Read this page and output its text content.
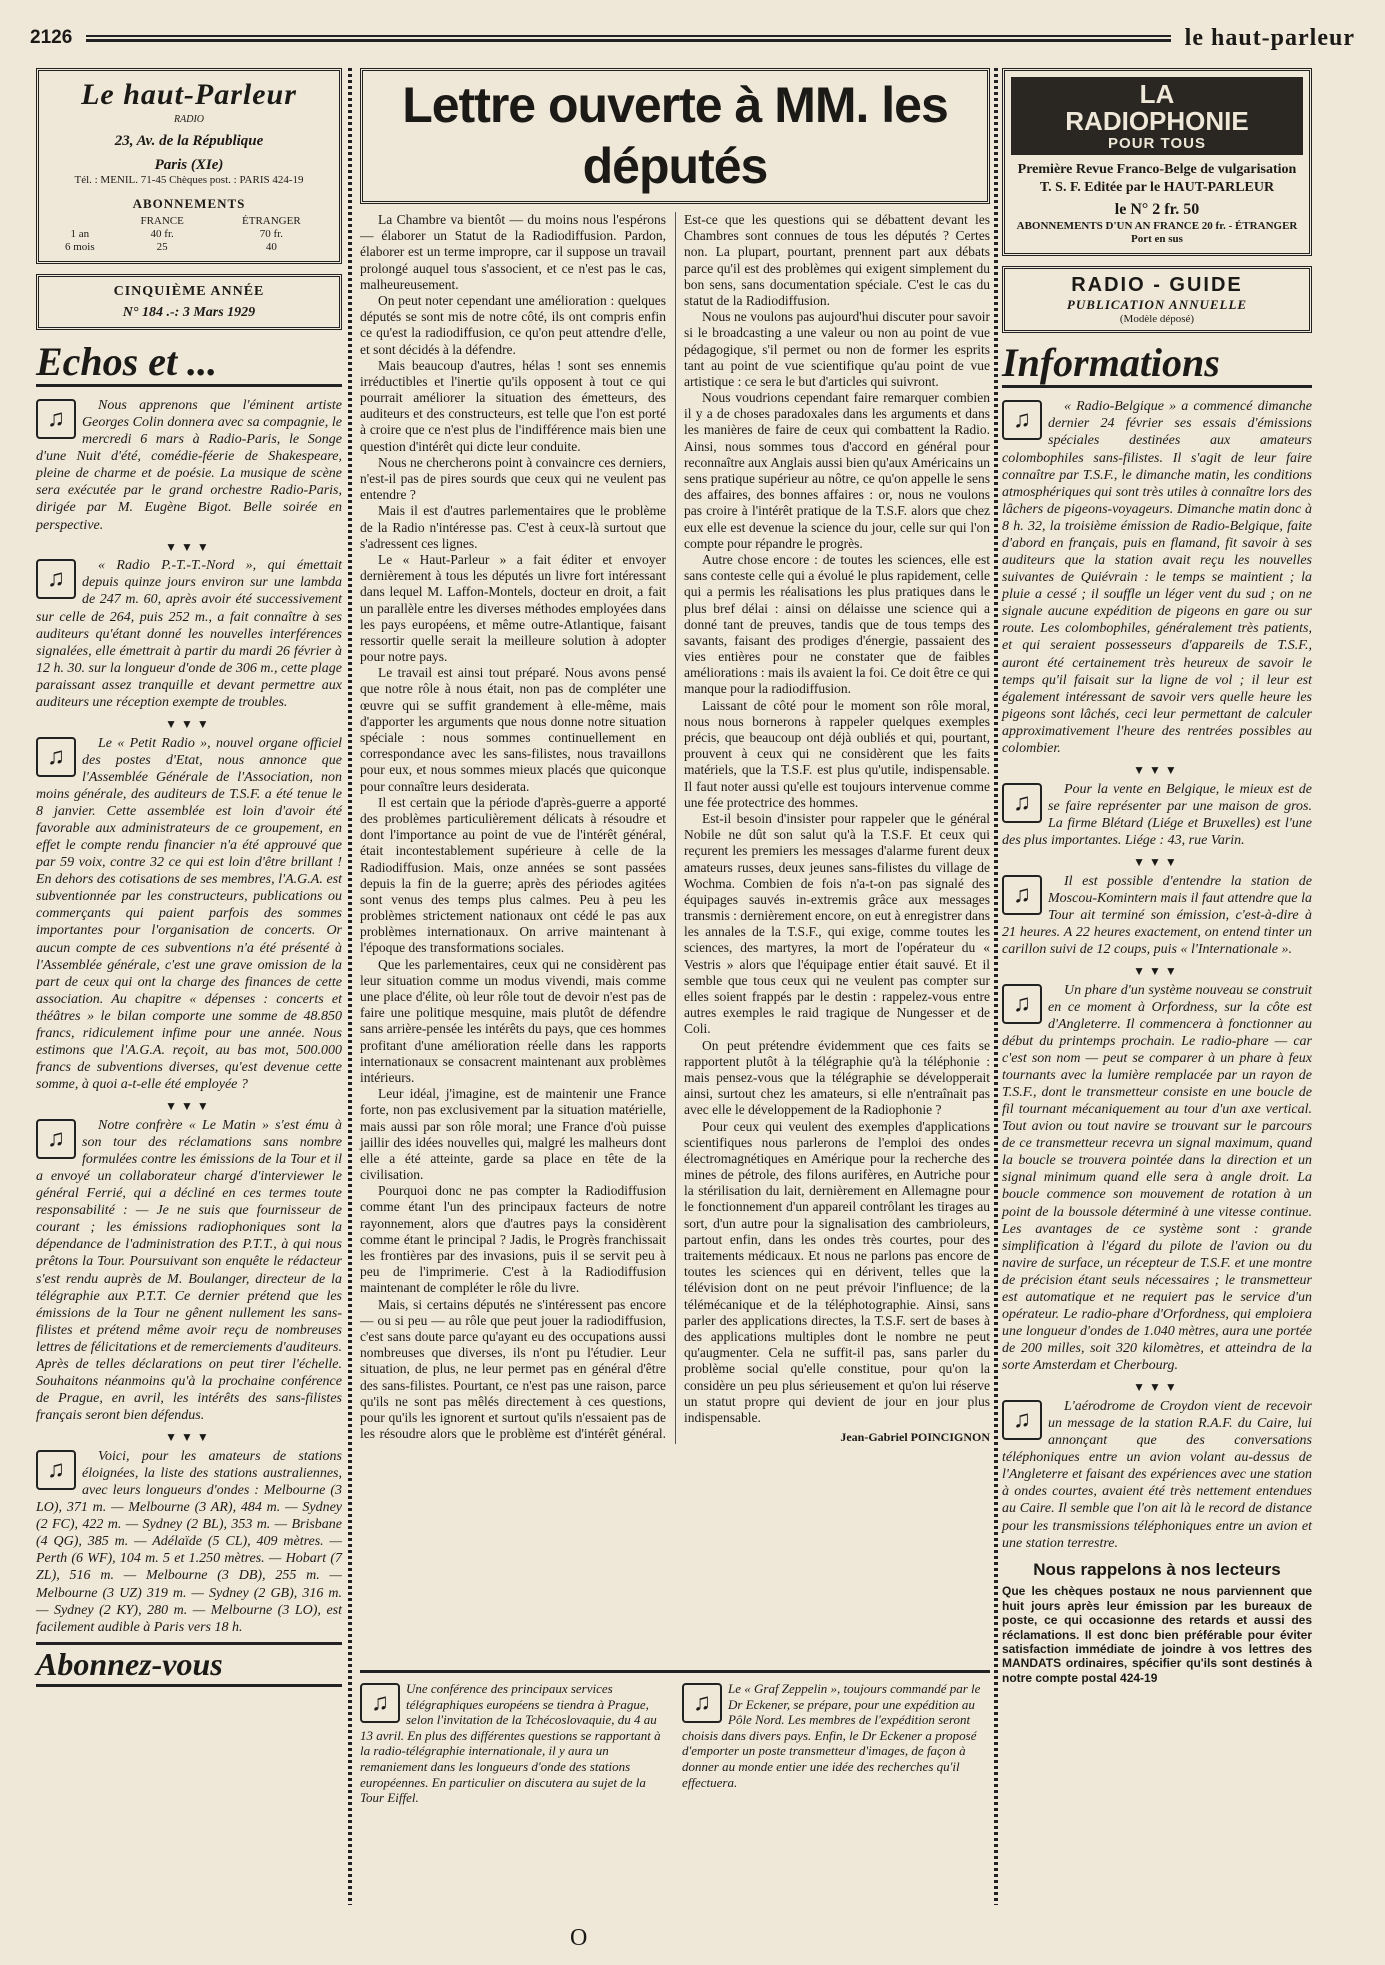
2126	le haut-parleur
Le haut-Parleur
RADIO
23, Av. de la République
Paris (XIe)
Tél. : MENIL. 71-45 Chèques post. : PARIS 424-19
ABONNEMENTS
	FRANCE	ÉTRANGER
1 an	40 fr.	70 fr.
6 mois	25	40
CINQUIÈME ANNÉE
N° 184 .-: 3 Mars 1929
Echos et ...
♫

Nous apprenons que l'éminent artiste Georges Colin donnera avec sa compagnie, le mercredi 6 mars à Radio-Paris, le Songe d'une Nuit d'été, comédie-féerie de Shakespeare, pleine de charme et de poésie. La musique de scène sera exécutée par le grand orchestre Radio-Paris, dirigée par M. Eugène Bigot. Belle soirée en perspective.

▼▼▼
♫

« Radio P.-T.-T.-Nord », qui émettait depuis quinze jours environ sur une lambda de 247 m. 60, après avoir été successivement sur celle de 264, puis 252 m., a fait connaître à ses auditeurs qu'étant donné les nouvelles interférences signalées, elle émettrait à partir du mardi 26 février à 12 h. 30. sur la longueur d'onde de 306 m., cette plage paraissant assez tranquille et devant permettre aux auditeurs une réception exempte de troubles.

▼▼▼
♫

Le « Petit Radio », nouvel organe officiel des postes d'Etat, nous annonce que l'Assemblée Générale de l'Association, non moins générale, des auditeurs de T.S.F. a été tenue le 8 janvier. Cette assemblée est loin d'avoir été favorable aux administrateurs de ce groupement, en effet le compte rendu financier n'a été approuvé que par 59 voix, contre 32 ce qui est loin d'être brillant ! En dehors des cotisations de ses membres, l'A.G.A. est subventionnée par les constructeurs, publications ou commerçants qui paient parfois des sommes importantes pour l'organisation de concerts. Or aucun compte de ces subventions n'a été présenté à l'Assemblée générale, c'est une grave omission de la part de ceux qui ont la charge des finances de cette association. Au chapitre « dépenses : concerts et théâtres » le bilan comporte une somme de 48.850 francs, ridiculement infime pour une année. Nous estimons que l'A.G.A. reçoit, au bas mot, 500.000 francs de subventions diverses, qu'est devenue cette somme, à quoi a-t-elle été employée ?

▼▼▼
♫

Notre confrère « Le Matin » s'est ému à son tour des réclamations sans nombre formulées contre les émissions de la Tour et il a envoyé un collaborateur chargé d'interviewer le général Ferrié, qui a décliné en ces termes toute responsabilité : — Je ne suis que fournisseur de courant ; les émissions radiophoniques sont la dépendance de l'administration des P.T.T., à qui nous prêtons la Tour. Poursuivant son enquête le rédacteur s'est rendu auprès de M. Boulanger, directeur de la télégraphie aux P.T.T. Ce dernier prétend que les émissions de la Tour ne gênent nullement les sans-filistes et prétend même avoir reçu de nombreuses lettres de félicitations et de remerciements d'auditeurs. Après de telles déclarations on peut tirer l'échelle. Souhaitons néanmoins qu'à la prochaine conférence de Prague, en avril, les intérêts des sans-filistes français seront bien défendus.

▼▼▼
♫

Voici, pour les amateurs de stations éloignées, la liste des stations australiennes, avec leurs longueurs d'ondes : Melbourne (3 LO), 371 m. — Melbourne (3 AR), 484 m. — Sydney (2 FC), 422 m. — Sydney (2 BL), 353 m. — Brisbane (4 QG), 385 m. — Adélaïde (5 CL), 409 mètres. — Perth (6 WF), 104 m. 5 et 1.250 mètres. — Hobart (7 ZL), 516 m. — Melbourne (3 DB), 255 m. — Melbourne (3 UZ) 319 m. — Sydney (2 GB), 316 m. — Sydney (2 KY), 280 m. — Melbourne (3 LO), est facilement audible à Paris vers 18 h.

Abonnez-vous
Lettre ouverte à MM. les députés

La Chambre va bientôt — du moins nous l'espérons — élaborer un Statut de la Radiodiffusion. Pardon, élaborer est un terme impropre, car il suppose un travail prolongé auquel tous s'associent, et ce n'est pas le cas, malheureusement.

On peut noter cependant une amélioration : quelques députés se sont mis de notre côté, ils ont compris enfin ce qu'est la radiodiffusion, ce qu'on peut attendre d'elle, et sont décidés à la défendre.

Mais beaucoup d'autres, hélas ! sont ses ennemis irréductibles et l'inertie qu'ils opposent à tout ce qui pourrait améliorer la situation des émetteurs, des auditeurs et des constructeurs, est telle que l'on est porté à croire que ce n'est plus de l'indifférence mais bien une question d'intérêt qui dicte leur conduite.

Nous ne chercherons point à convaincre ces derniers, n'est-il pas de pires sourds que ceux qui ne veulent pas entendre ?

Mais il est d'autres parlementaires que le problème de la Radio n'intéresse pas. C'est à ceux-là surtout que s'adressent ces lignes.

Le « Haut-Parleur » a fait éditer et envoyer dernièrement à tous les députés un livre fort intéressant dans lequel M. Laffon-Montels, docteur en droit, a fait un parallèle entre les diverses méthodes employées dans les pays européens, et même outre-Atlantique, faisant ressortir quelle serait la meilleure solution à adopter pour notre pays.

Le travail est ainsi tout préparé. Nous avons pensé que notre rôle à nous était, non pas de compléter une œuvre qui se suffit grandement à elle-même, mais d'apporter les arguments que nous donne notre situation spéciale : nous sommes continuellement en correspondance avec les sans-filistes, nous travaillons pour eux, et nous sommes mieux placés que quiconque pour connaître leurs desiderata.

Il est certain que la période d'après-guerre a apporté des problèmes particulièrement délicats à résoudre et dont l'importance au point de vue de l'intérêt général, était incontestablement supérieure à celle de la Radiodiffusion. Mais, onze années se sont passées depuis la fin de la guerre; après des périodes agitées sont venus des temps plus calmes. Peu à peu les problèmes strictement nationaux ont cédé le pas aux problèmes internationaux. On arrive maintenant à l'époque des transformations sociales.

Que les parlementaires, ceux qui ne considèrent pas leur situation comme un modus vivendi, mais comme une place d'élite, où leur rôle tout de devoir n'est pas de faire une politique mesquine, mais plutôt de défendre sans arrière-pensée les intérêts du pays, que ces hommes profitant d'une amélioration réelle dans les rapports internationaux se consacrent maintenant aux problèmes intérieurs.

Leur idéal, j'imagine, est de maintenir une France forte, non pas exclusivement par la situation matérielle, mais aussi par son rôle moral; une France d'où puisse jaillir des idées nouvelles qui, malgré les malheurs dont elle a été atteinte, garde sa place en tête de la civilisation.

Pourquoi donc ne pas compter la Radiodiffusion comme étant l'un des principaux facteurs de notre rayonnement, alors que d'autres pays la considèrent comme étant le principal ? Jadis, le Progrès franchissait les frontières par des invasions, puis il se servit peu à peu de l'imprimerie. C'est à la Radiodiffusion maintenant de compléter le rôle du livre.

Mais, si certains députés ne s'intéressent pas encore — ou si peu — au rôle que peut jouer la radiodiffusion, c'est sans doute parce qu'ayant eu des occupations aussi nombreuses que diverses, ils n'ont pu l'étudier. Leur situation, de plus, ne leur permet pas en général d'être des sans-filistes. Pourtant, ce n'est pas une raison, parce qu'ils ne sont pas mêlés directement à ces questions, pour qu'ils les ignorent et surtout qu'ils n'essaient pas de les résoudre alors que le problème est d'intérêt général. Est-ce que les questions qui se débattent devant les Chambres sont connues de tous les députés ? Certes non. La plupart, pourtant, prennent part aux débats parce qu'il est des problèmes qui exigent simplement du bon sens, sans documentation spéciale. C'est le cas du statut de la Radiodiffusion.

Nous ne voulons pas aujourd'hui discuter pour savoir si le broadcasting a une valeur ou non au point de vue pédagogique, s'il permet ou non de former les esprits tant au point de vue scientifique qu'au point de vue artistique : ce sera le but d'articles qui suivront.

Nous voudrions cependant faire remarquer combien il y a de choses paradoxales dans les arguments et dans les manières de faire de ceux qui combattent la Radio. Ainsi, nous sommes tous d'accord en général pour reconnaître aux Anglais aussi bien qu'aux Américains un sens pratique supérieur au nôtre, ce qu'on appelle le sens des affaires, des bonnes affaires : or, nous ne voulons pas croire à l'intérêt pratique de la T.S.F. alors que chez eux elle est devenue la science du jour, celle sur qui l'on compte pour répandre le progrès.

Autre chose encore : de toutes les sciences, elle est sans conteste celle qui a évolué le plus rapidement, celle qui a permis les réalisations les plus pratiques dans le plus bref délai : ainsi on délaisse une science qui a donné tant de preuves, tandis que de tous temps des savants, faisant des prodiges d'énergie, passaient des vies entières pour ne constater que de faibles améliorations : mais ils avaient la foi. Ce doit être ce qui manque pour la radiodiffusion.

Laissant de côté pour le moment son rôle moral, nous nous bornerons à rappeler quelques exemples précis, que beaucoup ont déjà oubliés et qui, pourtant, prouvent à ceux qui ne considèrent que les faits matériels, que la T.S.F. est plus qu'utile, indispensable. Il faut noter aussi qu'elle est toujours intervenue comme une fée protectrice des hommes.

Est-il besoin d'insister pour rappeler que le général Nobile ne dût son salut qu'à la T.S.F. Et ceux qui reçurent les premiers les messages d'alarme furent deux amateurs russes, deux jeunes sans-filistes du village de Wochma. Combien de fois n'a-t-on pas signalé des équipages sauvés in-extremis grâce aux messages transmis : dernièrement encore, on eut à enregistrer dans les annales de la T.S.F., qui exige, comme toutes les sciences, des martyres, la mort de l'opérateur du « Vestris » alors que l'équipage entier était sauvé. Et il semble que tous ceux qui ne veulent pas compter sur elles soient frappés par le destin : rappelez-vous entre autres exemples le raid tragique de Nungesser et de Coli.

On peut prétendre évidemment que ces faits se rapportent plutôt à la télégraphie qu'à la téléphonie : mais pensez-vous que la télégraphie se développerait ainsi, surtout chez les amateurs, si elle n'entraînait pas avec elle le développement de la Radiophonie ?

Pour ceux qui veulent des exemples d'applications scientifiques nous parlerons de l'emploi des ondes électromagnétiques en Amérique pour la recherche des mines de pétrole, des filons aurifères, en Autriche pour la stérilisation du lait, dernièrement en Allemagne pour le fonctionnement d'un appareil contrôlant les tirages au sort, d'un autre pour la signalisation des cambrioleurs, partout enfin, dans les ondes très courtes, pour des traitements médicaux. Et nous ne parlons pas encore de toutes les sciences qui en dérivent, telles que la télévision dont on ne peut prévoir l'influence; de la télémécanique et de la téléphotographie. Ainsi, sans parler des applications directes, la T.S.F. sert de bases à des applications multiples dont le nombre ne peut qu'augmenter. Cela ne suffit-il pas, sans parler du problème social qu'elle constitue, pour qu'on la considère un peu plus sérieusement et qu'on lui réserve un statut propre qui devient de jour en jour plus indispensable.

Jean-Gabriel POINCIGNON
♫
Une conférence des principaux services télégraphiques européens se tiendra à Prague, selon l'invitation de la Tchécoslovaquie, du 4 au 13 avril. En plus des différentes questions se rapportant à la radio-télégraphie internationale, il y aura un remaniement dans les longueurs d'onde des stations européennes. En particulier on discutera au sujet de la Tour Eiffel.
♫
Le « Graf Zeppelin », toujours commandé par le Dr Eckener, se prépare, pour une expédition au Pôle Nord. Les membres de l'expédition seront choisis dans divers pays. Enfin, le Dr Eckener a proposé d'emporter un poste transmetteur d'images, de façon à donner au monde entier une idée des recherches qu'il effectuera.
LA
RADIOPHONIE
POUR TOUS
Première Revue Franco-Belge de vulgarisation T. S. F. Editée par le HAUT-PARLEUR
le N° 2 fr. 50
ABONNEMENTS D'UN AN FRANCE 20 fr. - ÉTRANGER Port en sus
RADIO - GUIDE
PUBLICATION ANNUELLE
(Modèle déposé)
Informations
♫

« Radio-Belgique » a commencé dimanche dernier 24 février ses essais d'émissions spéciales destinées aux amateurs colombophiles sans-filistes. Il s'agit de leur faire connaître par T.S.F., le dimanche matin, les conditions atmosphériques qui sont très utiles à connaître lors des lâchers de pigeons-voyageurs. Dimanche matin donc à 8 h. 32, la troisième émission de Radio-Belgique, faite d'abord en français, puis en flamand, fit savoir à ses auditeurs que la station avait reçu les nouvelles suivantes de Quiévrain : le temps se maintient ; la pluie a cessé ; il souffle un léger vent du sud ; on ne signale aucune expédition de pigeons en gare ou sur route. Les colombophiles, généralement très patients, et qui seraient possesseurs d'appareils de T.S.F., auront été certainement très heureux de savoir le temps qu'il faisait sur la ligne de vol ; il leur est également intéressant de savoir vers quelle heure les pigeons sont lâchés, ceci leur permettant de calculer approximativement l'heure des rentrées possibles au colombier.

▼▼▼
♫

Pour la vente en Belgique, le mieux est de se faire représenter par une maison de gros. La firme Blétard (Liége et Bruxelles) est l'une des plus importantes. Liége : 43, rue Varin.

▼▼▼
♫

Il est possible d'entendre la station de Moscou-Komintern mais il faut attendre que la Tour ait terminé son émission, c'est-à-dire à 21 heures. A 22 heures exactement, on entend tinter un carillon suivi de 12 coups, puis « l'Internationale ».

▼▼▼
♫

Un phare d'un système nouveau se construit en ce moment à Orfordness, sur la côte est d'Angleterre. Il commencera à fonctionner au début du printemps prochain. Le radio-phare — car c'est son nom — peut se comparer à un phare à feux tournants avec la lumière remplacée par un rayon de T.S.F., dont le transmetteur consiste en une boucle de fil tournant mécaniquement au tour d'un axe vertical. Tout avion ou tout navire se trouvant sur le parcours de ce transmetteur recevra un signal maximum, quand la boucle se trouvera pointée dans la direction et un signal minimum quand elle sera à angle droit. La boucle commence son mouvement de rotation à un point de la boussole déterminé à une vitesse continue. Les avantages de ce système sont : grande simplification à l'égard du pilote de l'avion ou du navire de surface, un récepteur de T.S.F. et une montre de précision étant seuls nécessaires ; le transmetteur est automatique et ne requiert pas le service d'un opérateur. Le radio-phare d'Orfordness, qui emploiera une longueur d'ondes de 1.040 mètres, aura une portée de 200 milles, soit 320 kilomètres, et atteindra de la sorte Amsterdam et Cherbourg.

▼▼▼
♫

L'aérodrome de Croydon vient de recevoir un message de la station R.A.F. du Caire, lui annonçant que des conversations téléphoniques entre un avion volant au-dessus de l'Angleterre et faisant des expériences avec une station à ondes courtes, avaient été très nettement entendues au Caire. Il semble que l'on ait là le record de distance pour les transmissions téléphoniques entre un avion et une station terrestre.

Nous rappelons à nos lecteurs
Que les chèques postaux ne nous parviennent que huit jours après leur émission par les bureaux de poste, ce qui occasionne des retards et aussi des réclamations. Il est donc bien préférable pour éviter satisfaction immédiate de joindre à vos lettres des MANDATS ordinaires, spécifier qu'ils sont destinés à notre compte postal 424-19
O
